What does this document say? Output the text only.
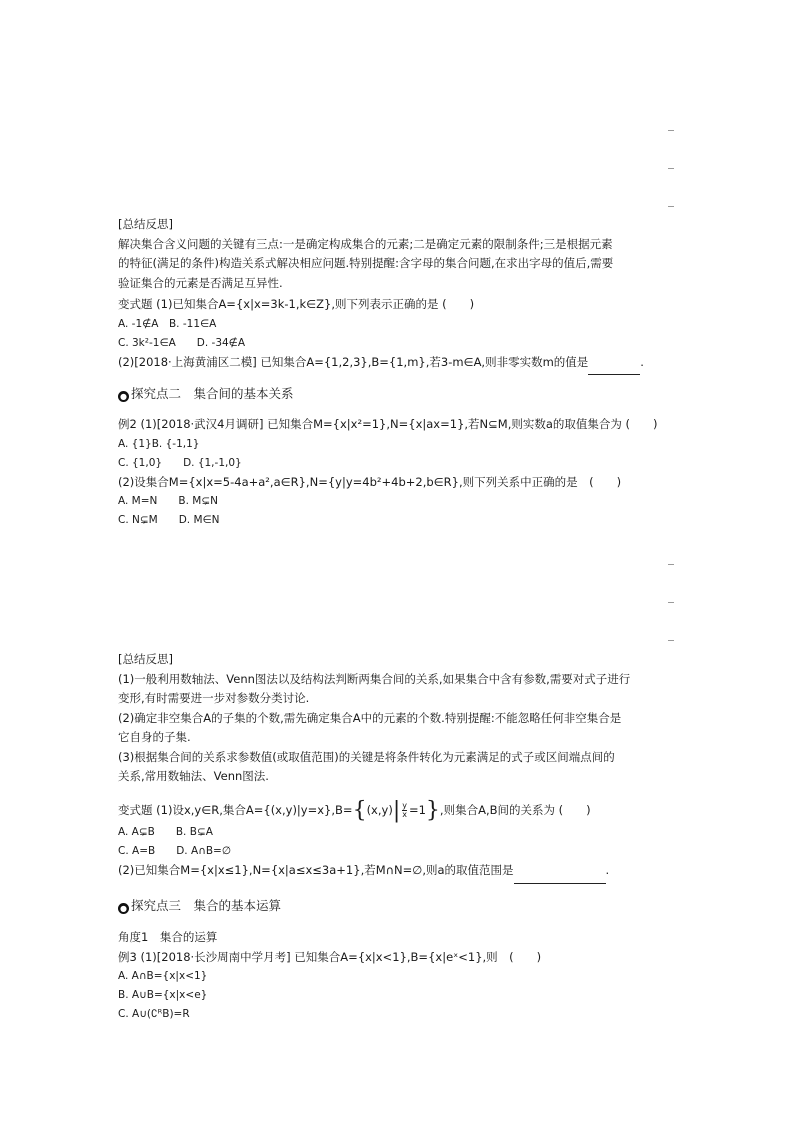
[总结反思]
解决集合含义问题的关键有三点:一是确定构成集合的元素;二是确定元素的限制条件;三是根据元素
的特征(满足的条件)构造关系式解决相应问题.特别提醒:含字母的集合问题,在求出字母的值后,需要
验证集合的元素是否满足互异性.
变式题 (1)已知集合A={x|x=3k-1,k∈Z},则下列表示正确的是 (　　)
A. -1∉A　B. -11∈A
C. 3k²-1∈A　　D. -34∉A
(2)[2018·上海黄浦区二模] 已知集合A={1,2,3},B={1,m},若3-m∈A,则非零实数m的值是	.
● 探究点二　集合间的基本关系
例2 (1)[2018·武汉4月调研] 已知集合M={x|x²=1},N={x|ax=1},若N⊆M,则实数a的取值集合为 (　　)
A. {1}B. {-1,1}
C. {1,0}　　D. {1,-1,0}
(2)设集合M={x|x=5-4a+a²,a∈R},N={y|y=4b²+4b+2,b∈R},则下列关系中正确的是　(　　)
A. M=N　　B. M⊊N
C. N⊊M　　D. M∈N
[总结反思]
(1)一般利用数轴法、Venn图法以及结构法判断两集合间的关系,如果集合中含有参数,需要对式子进行
变形,有时需要进一步对参数分类讨论.
(2)确定非空集合A的子集的个数,需先确定集合A中的元素的个数.特别提醒:不能忽略任何非空集合是
它自身的子集.
(3)根据集合间的关系求参数值(或取值范围)的关键是将条件转化为元素满足的式子或区间端点间的
关系,常用数轴法、Venn图法.
变式题 (1)设x,y∈R,集合$A=\{(x,y)|y=x\},B=\{(x,y)| \frac{y}{x} =1\}$,则集合A,B间的关系为 (　　)
A. A⊊B　　B. B⊊A
C. A=B　　D. A∩B=∅
(2)已知集合M={x|x≤1},N={x|a≤x≤3a+1},若M∩N=∅,则a的取值范围是	.
● 探究点三　集合的基本运算
角度1　集合的运算
例3 (1)[2018·长沙周南中学月考] 已知集合A={x|x<1},B={x|eˣ<1},则　(　　)
A. A∩B={x|x<1}
B. A∪B={x|x<e}
C. A∪(∁ᴿB)=R
